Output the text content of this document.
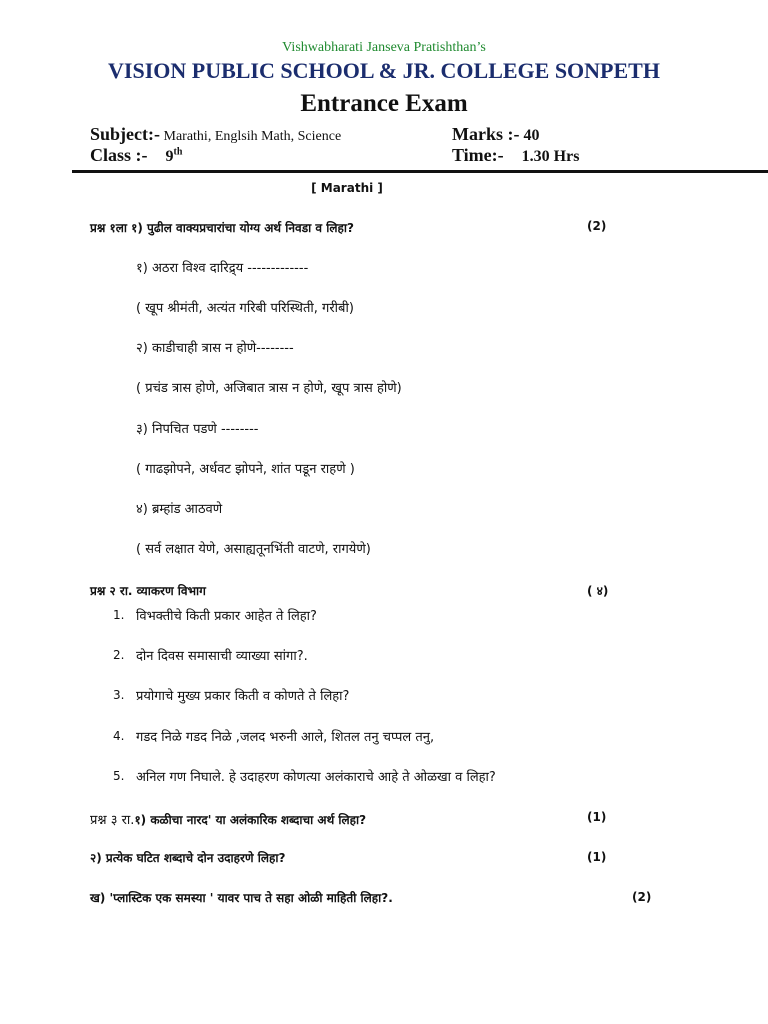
Vishwabharati Janseva Pratishthan’s
VISION PUBLIC SCHOOL & JR. COLLEGE SONPETH
Entrance Exam
Subject:- Marathi, Englsih Math, Science
Class :- 9th
Marks :- 40
Time:- 1.30 Hrs
[ Marathi ]
प्रश्न १ला १) पुढील वाक्यप्रचारांचा योग्य अर्थ निवडा व लिहा?	(2)
१) अठरा विश्व दारिद्र्य -------------
( खूप श्रीमंती, अत्यंत गरिबी परिस्थिती, गरीबी)
२) काडीचाही त्रास न होणे--------
( प्रचंड त्रास होणे, अजिबात त्रास न होणे, खूप त्रास होणे)
३) निपचित पडणे --------
( गाढझोपने, अर्धवट झोपने, शांत पडून राहणे )
४) ब्रम्हांड आठवणे
( सर्व लक्षात येणे, असाह्यतूनभिंती वाटणे, रागयेणे)
प्रश्न २ रा. व्याकरण विभाग	( ४)
1. विभक्तीचे किती प्रकार आहेत ते लिहा?
2. दोन दिवस समासाची व्याख्या सांगा?.
3. प्रयोगाचे मुख्य प्रकार किती व कोणते ते लिहा?
4. गडद निळे गडद निळे ,जलद भरुनी आले, शितल तनु चप्पल तनु,
5. अनिल गण निघाले. हे उदाहरण कोणत्या अलंकाराचे आहे ते ओळखा व लिहा?
प्रश्न ३ रा.१) कळीचा नारद' या अलंकारिक शब्दाचा अर्थ लिहा?	(1)
२) प्रत्येक घटित शब्दाचे दोन उदाहरणे लिहा?	(1)
ख) 'प्लास्टिक एक समस्या ' यावर पाच ते सहा ओळी माहिती लिहा?.	(2)
